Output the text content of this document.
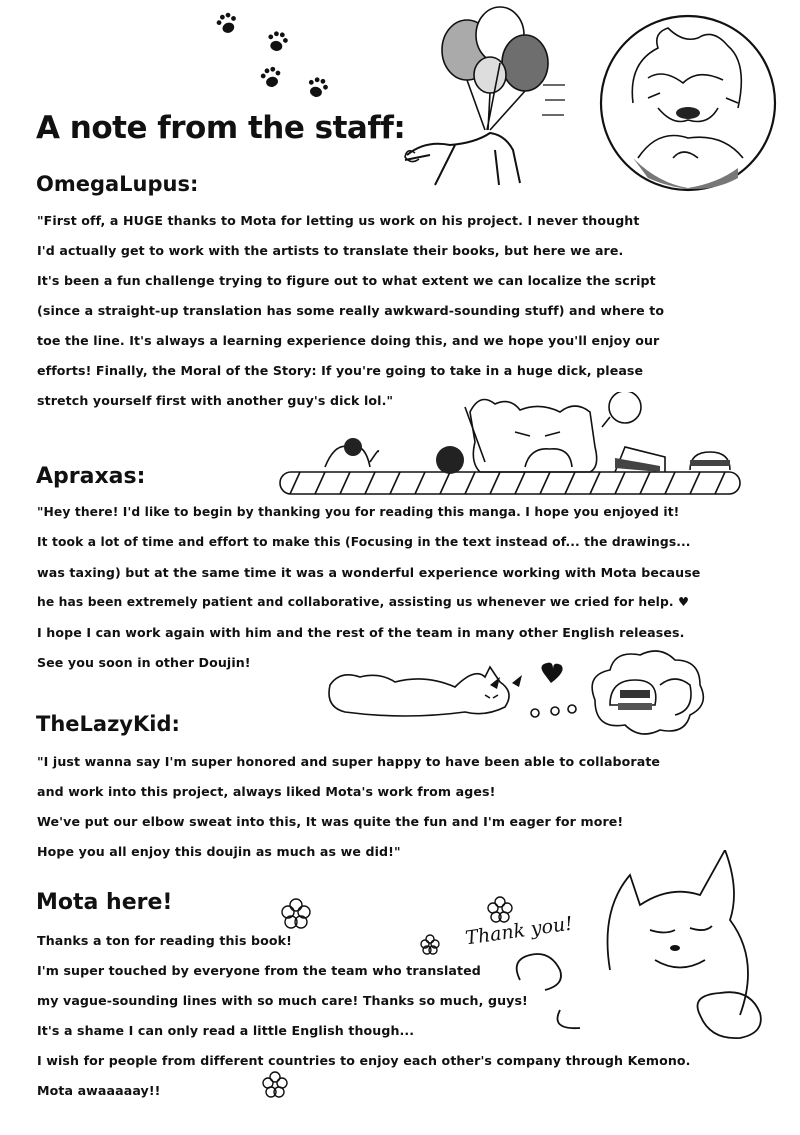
A note from the staff:
OmegaLupus:

"First off, a HUGE thanks to Mota for letting us work on his project. I never thought

I'd actually get to work with the artists to translate their books, but here we are.

It's been a fun challenge trying to figure out to what extent we can localize the script

(since a straight-up translation has some really awkward-sounding stuff) and where to

toe the line. It's always a learning experience doing this, and we hope you'll enjoy our

efforts! Finally, the Moral of the Story: If you're going to take in a huge dick, please

stretch yourself first with another guy's dick lol."

Apraxas:

"Hey there! I'd like to begin by thanking you for reading this manga. I hope you enjoyed it!

It took a lot of time and effort to make this (Focusing in the text instead of... the drawings...

was taxing) but at the same time it was a wonderful experience working with Mota because

he has been extremely patient and collaborative, assisting us whenever we cried for help. ♥

I hope I can work again with him and the rest of the team in many other English releases.

See you soon in other Doujin!

TheLazyKid:

"I just wanna say I'm super honored and super happy to have been able to collaborate

and work into this project, always liked Mota's work from ages!

We've put our elbow sweat into this, It was quite the fun and I'm eager for more!

Hope you all enjoy this doujin as much as we did!"

Thank you!
Mota here!

Thanks a ton for reading this book!

I'm super touched by everyone from the team who translated

my vague-sounding lines with so much care! Thanks so much, guys!

It's a shame I can only read a little English though...

I wish for people from different countries to enjoy each other's company through Kemono.

Mota awaaaaay!!
